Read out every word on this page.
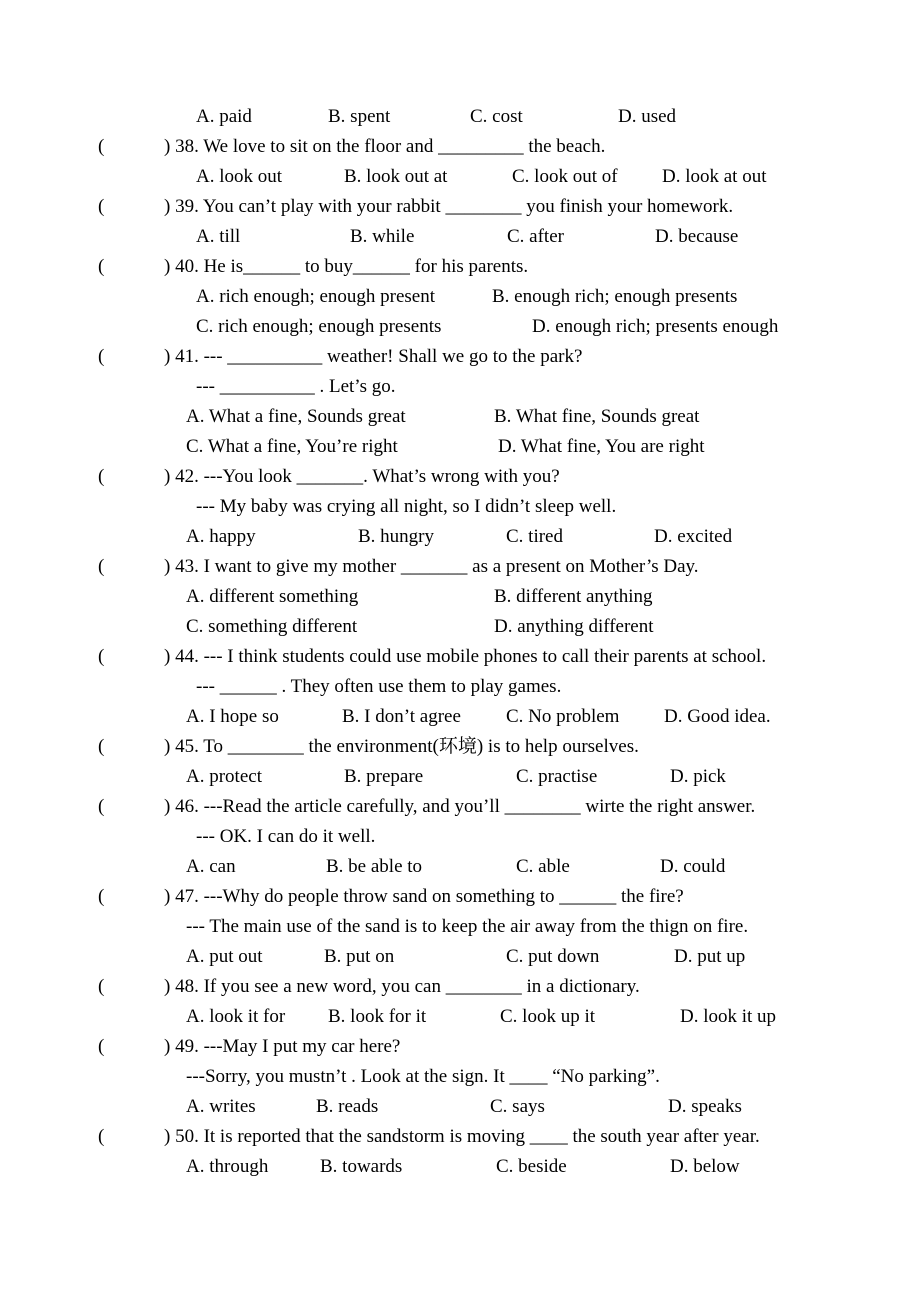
A. paid	B. spent	C. cost	D. used
(	) 38. We love to sit on the floor and _________ the beach.
A. look out	B. look out at	C. look out of D. look at out
(	) 39. You can’t play with your rabbit ________ you finish your homework.
A. till	B. while	C. after	D. because
(	) 40. He is______ to buy______ for his parents.
A. rich enough; enough present	B. enough rich; enough presents
C. rich enough; enough presents	D. enough rich; presents enough
(	) 41. --- __________ weather! Shall we go to the park?
--- __________ . Let’s go.
A. What a fine, Sounds great	B. What fine, Sounds great
C. What a fine, You’re right	D. What fine, You are right
(	) 42. ---You look _______. What’s wrong with you?
--- My baby was crying all night, so I didn’t sleep well.
A. happy	B. hungry	C. tired	D. excited
(	) 43. I want to give my mother _______ as a present on Mother’s Day.
A. different something	B. different anything
C. something different	D. anything different
(	) 44. --- I think students could use mobile phones to call their parents at school.
--- ______ . They often use them to play games.
A. I hope so	B. I don’t agree C. No problem D. Good idea.
(	) 45. To ________ the environment(环境) is to help ourselves.
A. protect	B. prepare	C. practise	D. pick
(	) 46. ---Read the article carefully, and you’ll ________ wirte the right answer.
--- OK. I can do it well.
A. can	B. be able to	C. able	D. could
(	) 47. ---Why do people throw sand on something to ______ the fire?
--- The main use of the sand is to keep the air away from the thign on fire.
A. put out	B. put on	C. put down	D. put up
(	) 48. If you see a new word, you can ________ in a dictionary.
A. look it for B. look for it	C. look up it	D. look it up
(	) 49. ---May I put my car here?
---Sorry, you mustn’t . Look at the sign. It ____ “No parking”.
A. writes	B. reads	C. says	D. speaks
(	) 50. It is reported that the sandstorm is moving ____ the south year after year.
A. through	B. towards	C. beside	D. below
